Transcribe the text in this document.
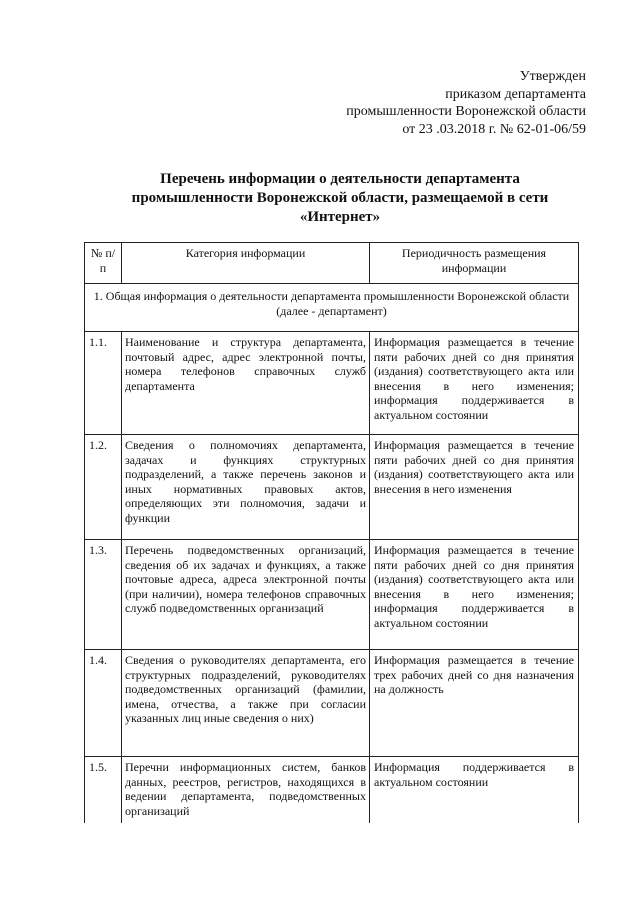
Утвержден
приказом департамента
промышленности Воронежской области
от 23 .03.2018 г. № 62-01-06/59
Перечень информации о деятельности департамента
промышленности Воронежской области, размещаемой в сети
«Интернет»
№ п/п	Категория информации	Периодичность размещения информации
1. Общая информация о деятельности департамента промышленности Воронежской области (далее - департамент)		
1.1.	Наименование и структура департамента, почтовый адрес, адрес электронной почты, номера телефонов справочных служб департамента	Информация размещается в течение пяти рабочих дней со дня принятия (издания) соответствующего акта или внесения в него изменения; информация поддерживается в актуальном состоянии
1.2.	Сведения о полномочиях департамента, задачах и функциях структурных подразделений, а также перечень законов и иных нормативных правовых актов, определяющих эти полномочия, задачи и функции	Информация размещается в течение пяти рабочих дней со дня принятия (издания) соответствующего акта или внесения в него изменения
1.3.	Перечень подведомственных организаций, сведения об их задачах и функциях, а также почтовые адреса, адреса электронной почты (при наличии), номера телефонов справочных служб подведомственных организаций	Информация размещается в течение пяти рабочих дней со дня принятия (издания) соответствующего акта или внесения в него изменения; информация поддерживается в актуальном состоянии
1.4.	Сведения о руководителях департамента, его структурных подразделений, руководителях подведомственных организаций (фамилии, имена, отчества, а также при согласии указанных лиц иные сведения о них)	Информация размещается в течение трех рабочих дней со дня назначения на должность
1.5.	Перечни информационных систем, банков данных, реестров, регистров, находящихся в ведении департамента, подведомственных организаций	Информация поддерживается в актуальном состоянии
